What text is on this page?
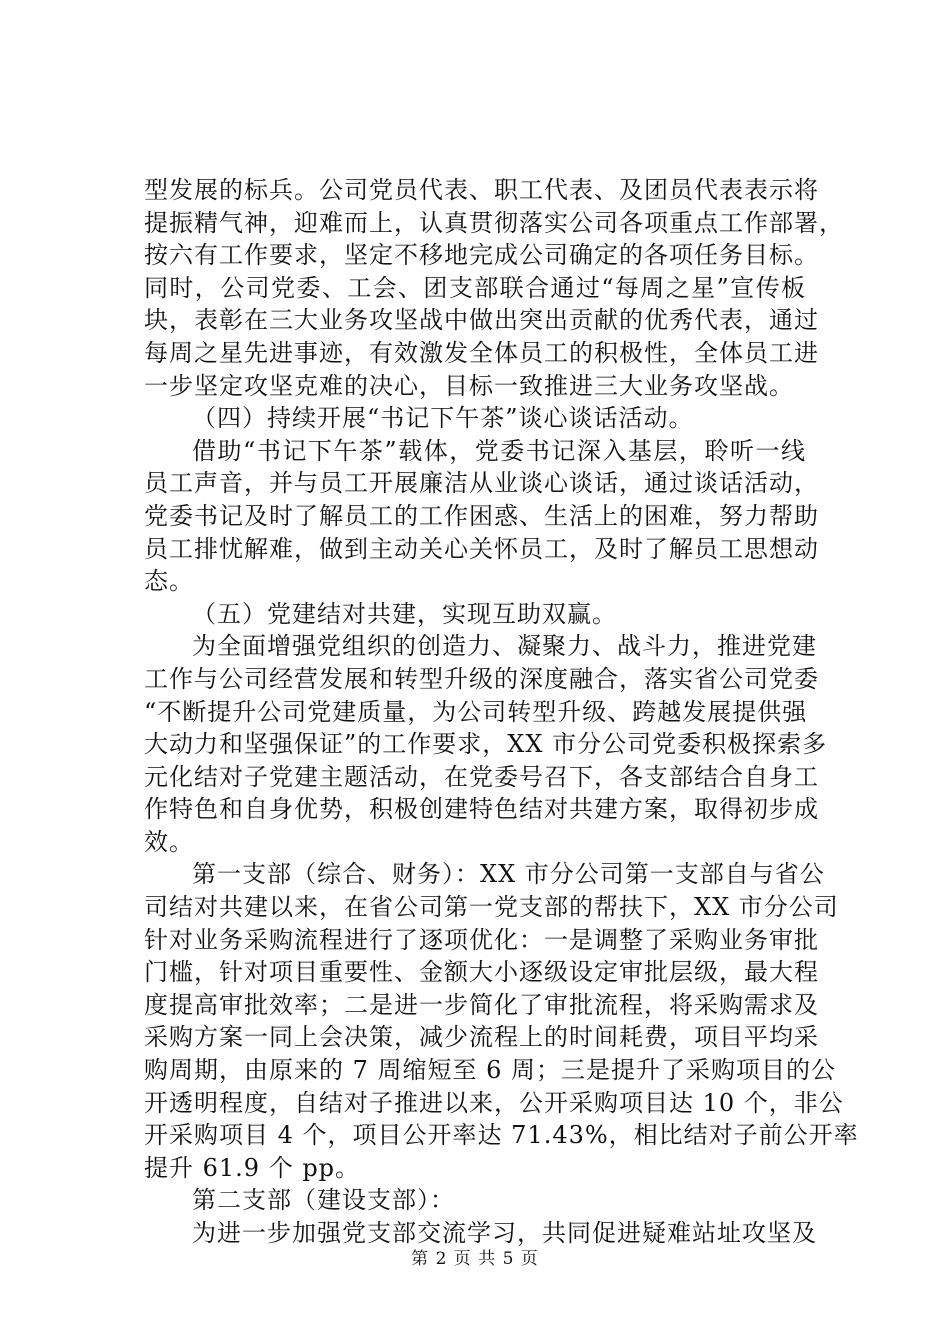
型发展的标兵。公司党员代表、职工代表、及团员代表表示将
提振精气神，迎难而上，认真贯彻落实公司各项重点工作部署，
按六有工作要求，坚定不移地完成公司确定的各项任务目标。
同时，公司党委、工会、团支部联合通过“每周之星”宣传板
块，表彰在三大业务攻坚战中做出突出贡献的优秀代表，通过
每周之星先进事迹，有效激发全体员工的积极性，全体员工进
一步坚定攻坚克难的决心，目标一致推进三大业务攻坚战。
（四）持续开展“书记下午茶”谈心谈话活动。
借助“书记下午茶”载体，党委书记深入基层，聆听一线
员工声音，并与员工开展廉洁从业谈心谈话，通过谈话活动，
党委书记及时了解员工的工作困惑、生活上的困难，努力帮助
员工排忧解难，做到主动关心关怀员工，及时了解员工思想动
态。
（五）党建结对共建，实现互助双赢。
为全面增强党组织的创造力、凝聚力、战斗力，推进党建
工作与公司经营发展和转型升级的深度融合，落实省公司党委
“不断提升公司党建质量，为公司转型升级、跨越发展提供强
大动力和坚强保证”的工作要求，XX 市分公司党委积极探索多
元化结对子党建主题活动，在党委号召下，各支部结合自身工
作特色和自身优势，积极创建特色结对共建方案，取得初步成
效。
第一支部（综合、财务）：XX 市分公司第一支部自与省公
司结对共建以来，在省公司第一党支部的帮扶下，XX 市分公司
针对业务采购流程进行了逐项优化：一是调整了采购业务审批
门槛，针对项目重要性、金额大小逐级设定审批层级，最大程
度提高审批效率；二是进一步简化了审批流程，将采购需求及
采购方案一同上会决策，减少流程上的时间耗费，项目平均采
购周期，由原来的 7 周缩短至 6 周；三是提升了采购项目的公
开透明程度，自结对子推进以来，公开采购项目达 10 个，非公
开采购项目 4 个，项目公开率达 71.43%，相比结对子前公开率
提升 61.9 个 pp。
第二支部（建设支部）：
为进一步加强党支部交流学习，共同促进疑难站址攻坚及
第 2 页 共 5 页
